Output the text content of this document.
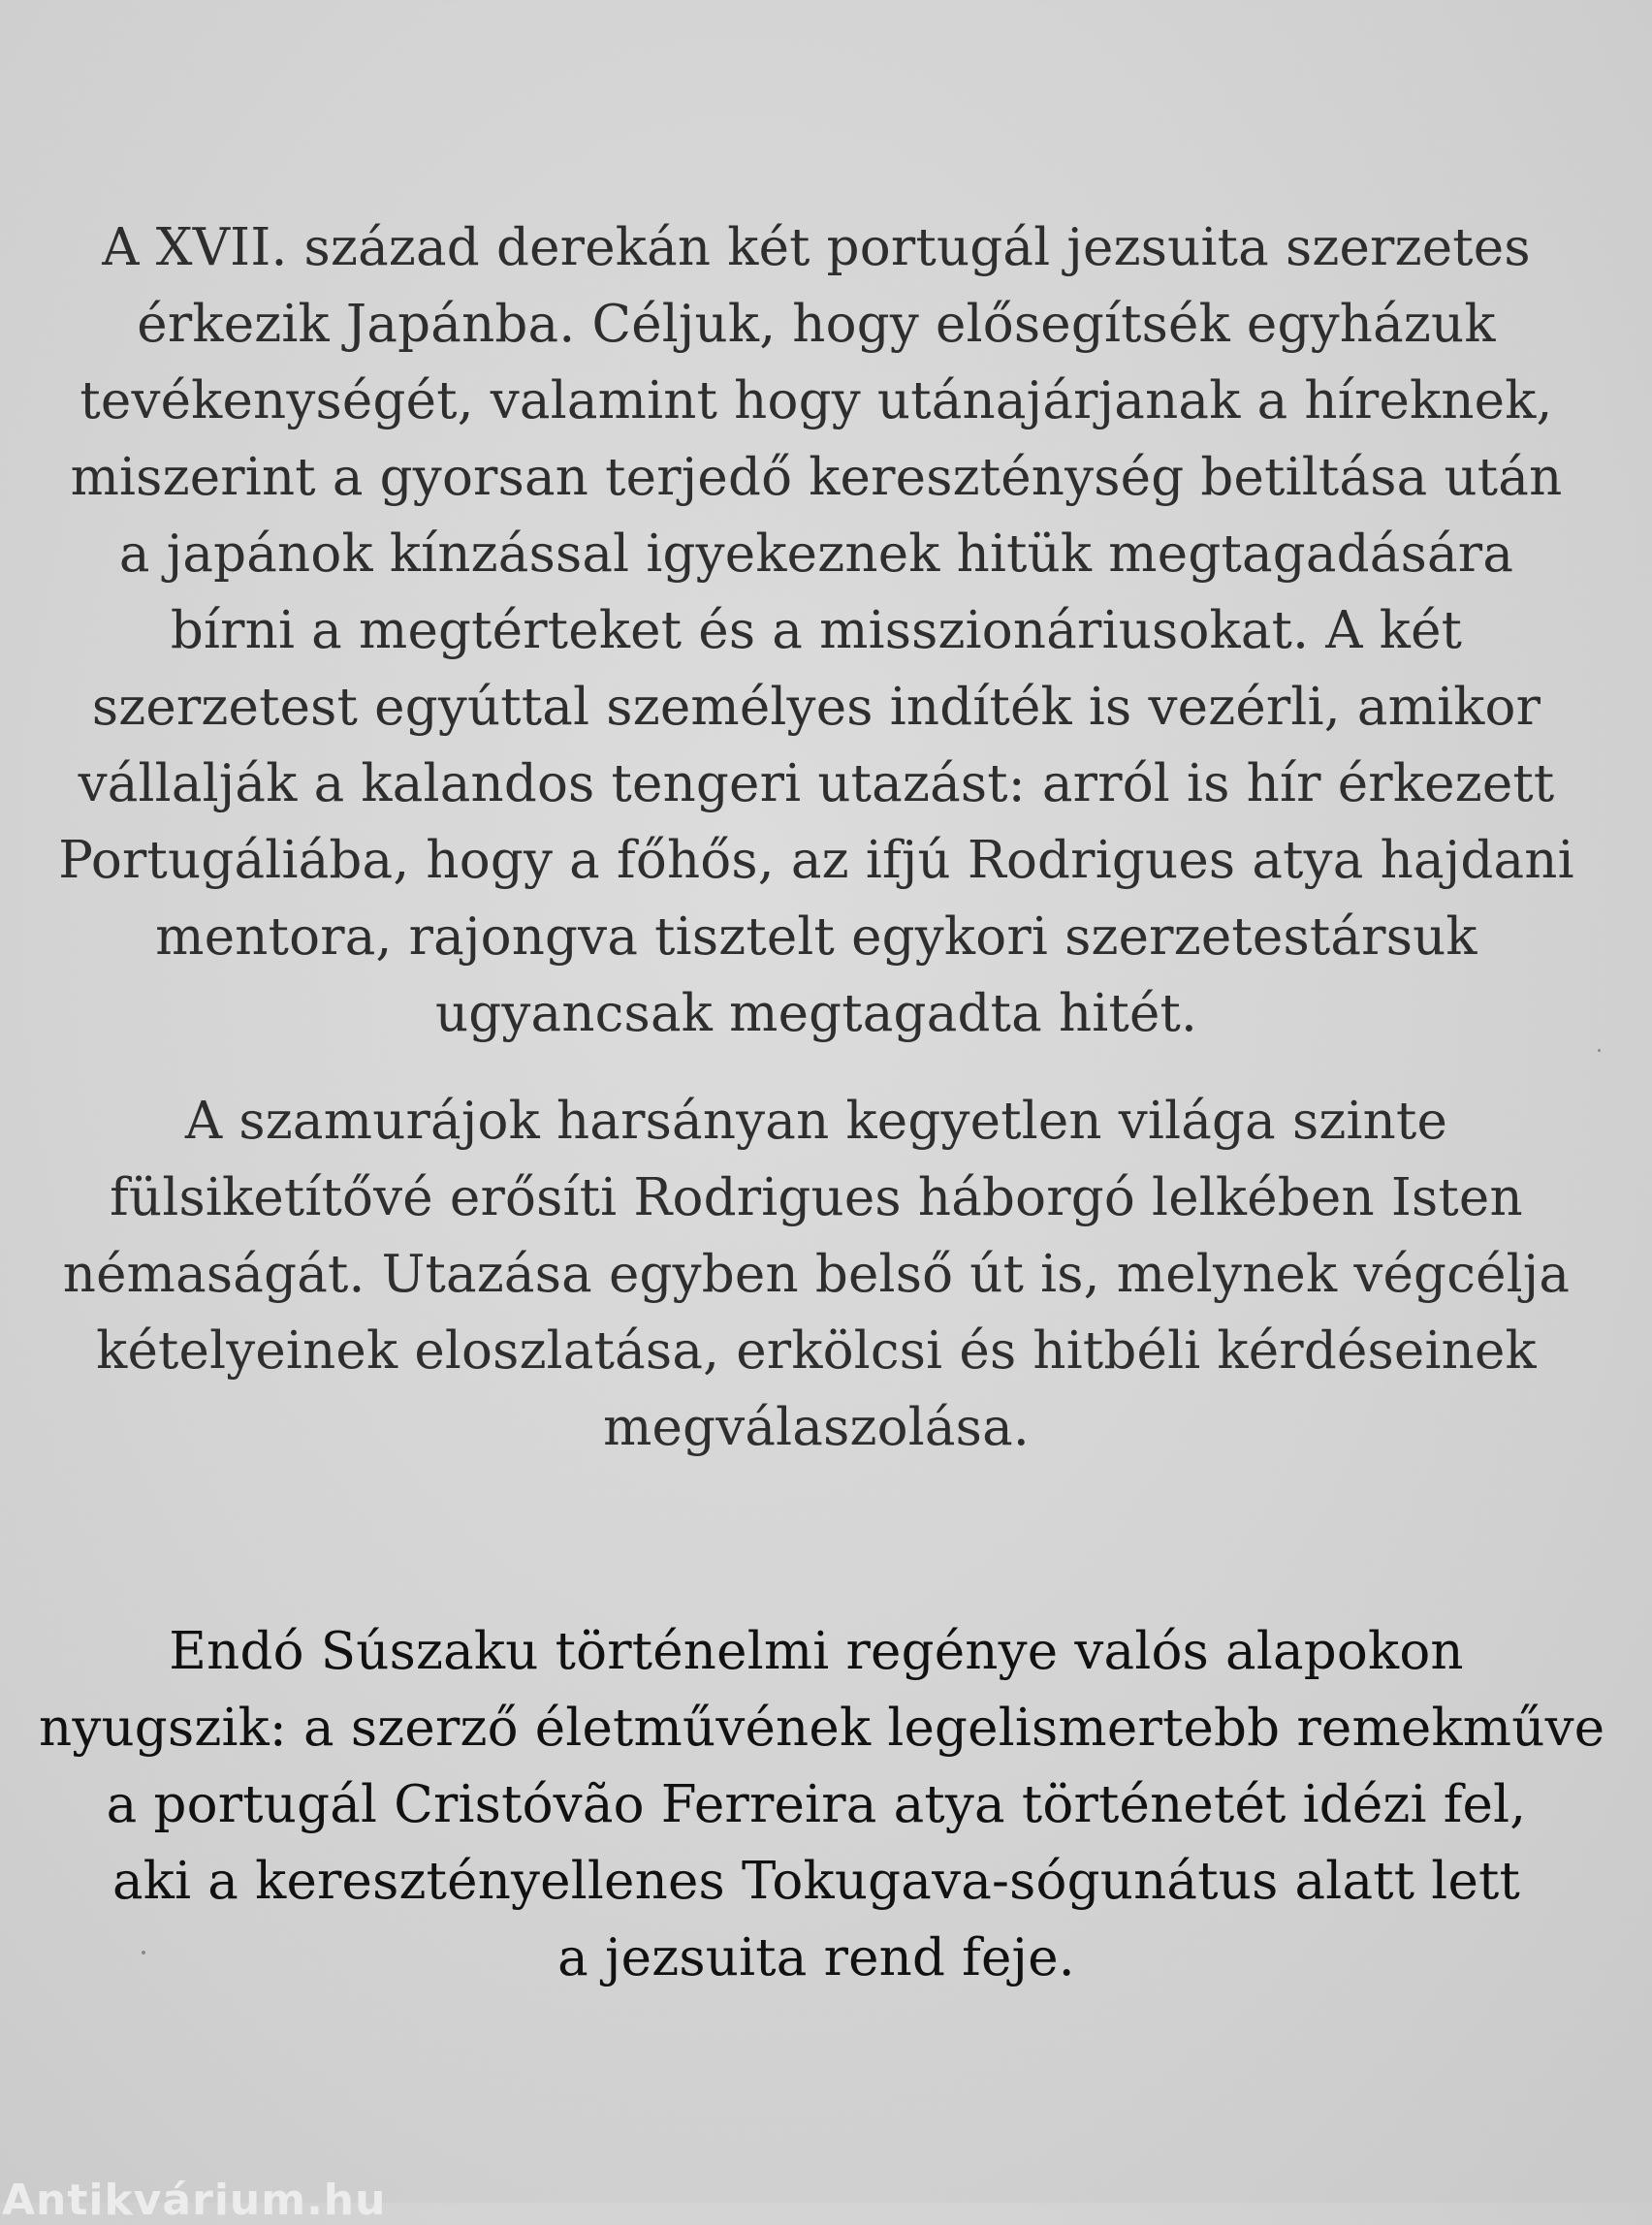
A XVII. század derekán két portugál jezsuita szerzetes
érkezik Japánba. Céljuk, hogy elősegítsék egyházuk
tevékenységét, valamint hogy utánajárjanak a híreknek,
miszerint a gyorsan terjedő kereszténység betiltása után
a japánok kínzással igyekeznek hitük megtagadására
bírni a megtérteket és a misszionáriusokat. A két
szerzetest egyúttal személyes indíték is vezérli, amikor
vállalják a kalandos tengeri utazást: arról is hír érkezett
Portugáliába, hogy a főhős, az ifjú Rodrigues atya hajdani
mentora, rajongva tisztelt egykori szerzetestársuk
ugyancsak megtagadta hitét.

A szamurájok harsányan kegyetlen világa szinte
fülsiketítővé erősíti Rodrigues háborgó lelkében Isten
némaságát. Utazása egyben belső út is, melynek végcélja
kételyeinek eloszlatása, erkölcsi és hitbéli kérdéseinek
megválaszolása.

Endó Súszaku történelmi regénye valós alapokon
nyugszik: a szerző életművének legelismertebb remekműve
a portugál Cristóvão Ferreira atya történetét idézi fel,
aki a keresztényellenes Tokugava-sógunátus alatt lett
a jezsuita rend feje.

Antikvárium.hu
